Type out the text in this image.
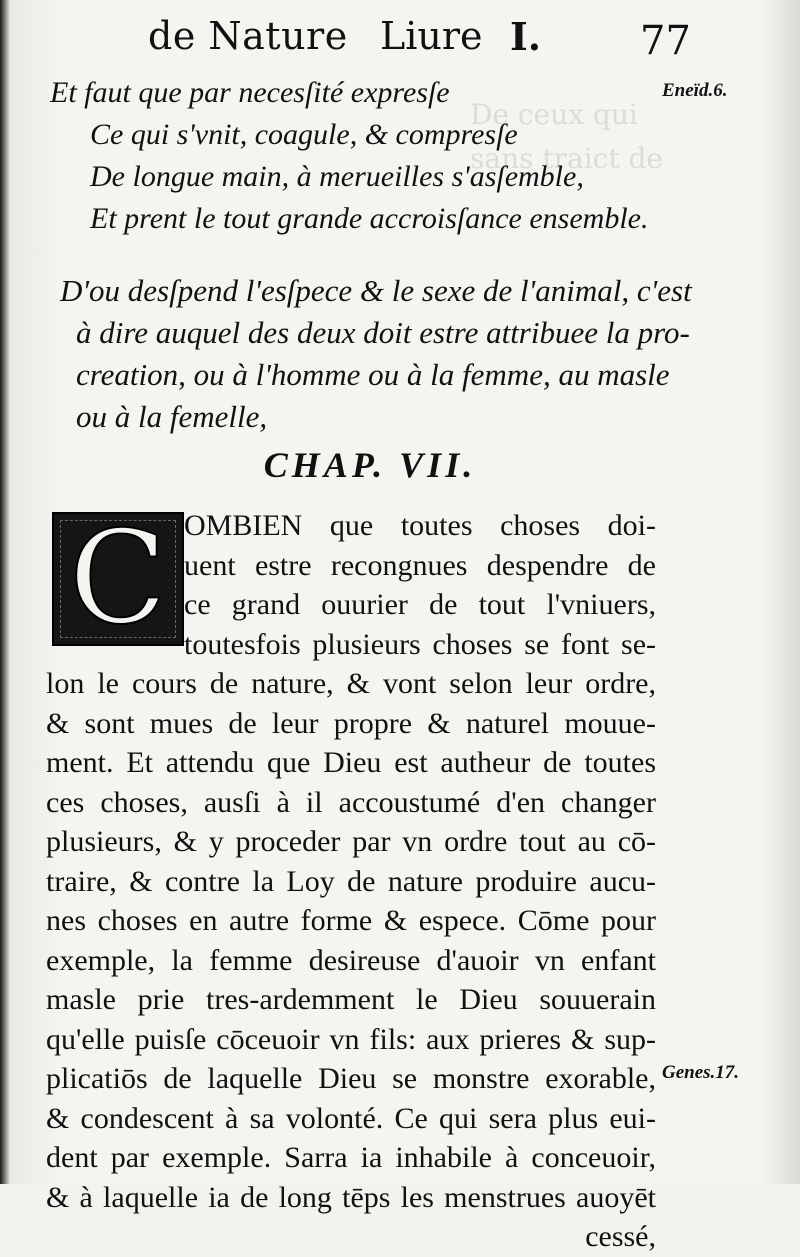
De ceux qui
sans traict de
de Nature Liure I. 77
Eneïd.6.
Et faut que par necesſité expresſe
Ce qui s'vnit, coagule, & compresſe
De longue main, à merueilles s'asſemble,
Et prent le tout grande accroisſance ensemble.
D'ou desſpend l'esſpece & le sexe de l'animal, c'est
à dire auquel des deux doit estre attribuee la pro-
creation, ou à l'homme ou à la femme, au masle
ou à la femelle,
CHAP. VII.
C OMBIEN que toutes choses doi-
uent estre recongnues despendre de
ce grand ouurier de tout l'vniuers,
toutesfois plusieurs choses se font se-
lon le cours de nature, & vont selon leur ordre,
& sont mues de leur propre & naturel mouue-
ment. Et attendu que Dieu est autheur de toutes
ces choses, ausſi à il accoustumé d'en changer
plusieurs, & y proceder par vn ordre tout au cō-
traire, & contre la Loy de nature produire aucu-
nes choses en autre forme & espece. Cōme pour
exemple, la femme desireuse d'auoir vn enfant
masle prie tres-ardemment le Dieu souuerain
qu'elle puisſe cōceuoir vn fils: aux prieres & sup-
plicatiōs de laquelle Dieu se monstre exorable,
& condescent à sa volonté. Ce qui sera plus eui-
dent par exemple. Sarra ia inhabile à conceuoir,
& à laquelle ia de long tēps les menstrues auoyēt
cessé,
Genes.17.
